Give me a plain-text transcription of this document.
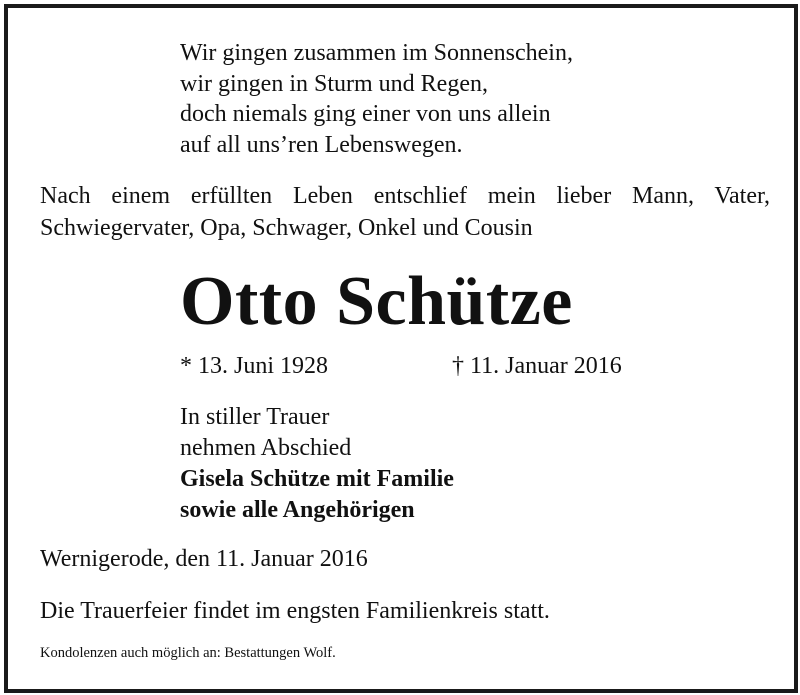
Wir gingen zusammen im Sonnenschein,
wir gingen in Sturm und Regen,
doch niemals ging einer von uns allein
auf all uns’ren Lebenswegen.
Nach einem erfüllten Leben entschlief mein lieber Mann, Vater,
Schwiegervater, Opa, Schwager, Onkel und Cousin
Otto Schütze
* 13. Juni 1928	† 11. Januar 2016
In stiller Trauer
nehmen Abschied
Gisela Schütze mit Familie
sowie alle Angehörigen
Wernigerode, den 11. Januar 2016
Die Trauerfeier findet im engsten Familienkreis statt.
Kondolenzen auch möglich an: Bestattungen Wolf.
